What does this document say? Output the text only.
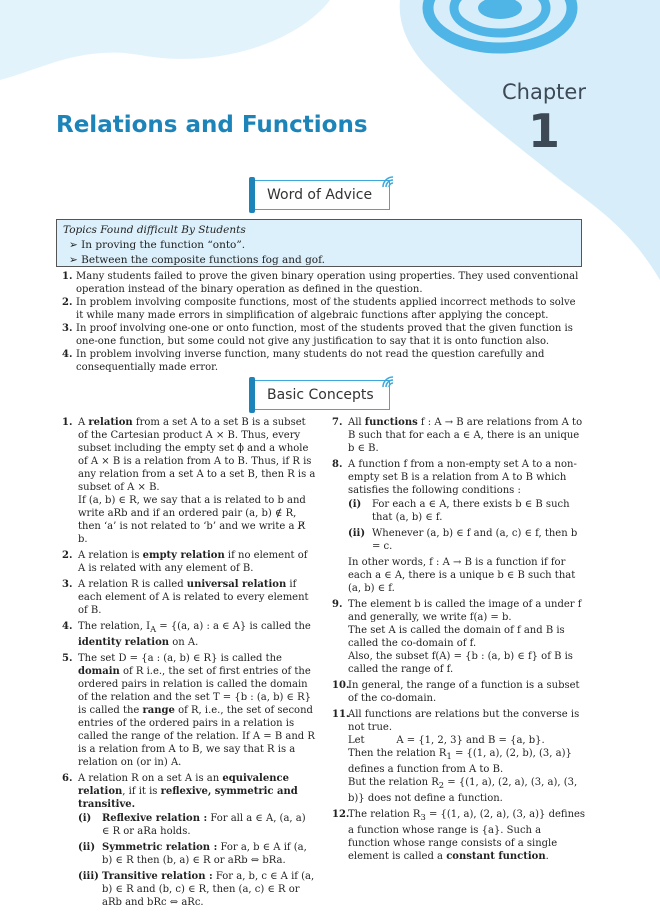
Chapter
1
Relations and Functions
Word of Advice
Topics Found difficult By Students
➢ In proving the function “onto”.
➢ Between the composite functions fog and gof.
1. Many students failed to prove the given binary operation using properties. They used conventional operation instead of the binary operation as defined in the question.
2. In problem involving composite functions, most of the students applied incorrect methods to solve it while many made errors in simplification of algebraic functions after applying the concept.
3. In proof involving one-one or onto function, most of the students proved that the given function is one-one function, but some could not give any justification to say that it is onto function also.
4. In problem involving inverse function, many students do not read the question carefully and consequentially made error.
Basic Concepts
1. A relation from a set A to a set B is a subset of the Cartesian product A × B. Thus, every subset including the empty set ϕ and a whole of A × B is a relation from A to B. Thus, if R is any relation from a set A to a set B, then R is a subset of A × B.

If (a, b) ∈ R, we say that a is related to b and write aRb and if an ordered pair (a, b) ∉ R, then ‘a’ is not related to ‘b’ and we write a R̸ b.

2. A relation is empty relation if no element of A is related with any element of B.
3. A relation R is called universal relation if each element of A is related to every element of B.
4. The relation, $I_A = \{(a$, a) : a ∈ A} is called the identity relation on A.
5. The set D = {a : (a, b) ∈ R} is called the domain of R i.e., the set of first entries of the ordered pairs in relation is called the domain of the relation and the set T = {b : (a, b) ∈ R} is called the range of R, i.e., the set of second entries of the ordered pairs in a relation is called the range of the relation. If A = B and R is a relation from A to B, we say that R is a relation on (or in) A.
6. A relation R on a set A is an equivalence relation, if it is reflexive, symmetric and transitive.
(i) Reflexive relation : For all a ∈ A, (a, a) ∈ R or aRa holds.
(ii) Symmetric relation : For a, b ∈ A if (a, b) ∈ R then (b, a) ∈ R or aRb ⇔ bRa.
(iii) Transitive relation : For a, b, c ∈ A if (a, b) ∈ R and (b, c) ∈ R, then (a, c) ∈ R or aRb and bRc ⇔ aRc.
7. All functions f : A → B are relations from A to B such that for each a ∈ A, there is an unique b ∈ B.
8. A function f from a non-empty set A to a non-empty set B is a relation from A to B which satisfies the following conditions :
(i) For each a ∈ A, there exists b ∈ B such that (a, b) ∈ f.
(ii) Whenever (a, b) ∈ f and (a, c) ∈ f, then b = c.

In other words, f : A → B is a function if for each a ∈ A, there is a unique b ∈ B such that (a, b) ∈ f.

9. The element b is called the image of a under f and generally, we write f(a) = b.

The set A is called the domain of f and B is called the co-domain of f.

Also, the subset f(A) = {b : (a, b) ∈ f} of B is called the range of f.

10.
In general, the range of a function is a subset of the co-domain.
11.
All functions are relations but the converse is not true.

Let          A = {1, 2, 3} and B = {a, b}.

Then the relation $R_1 = \{(1$, a), (2, b), (3, a)} defines a function from A to B.

But the relation $R_2 = \{(1$, a), (2, a), (3, a), (3, b)} does not define a function.

12.
The relation $R_3 = \{(1$, a), (2, a), (3, a)} defines a function whose range is {a}. Such a function whose range consists of a single element is called a constant function.
